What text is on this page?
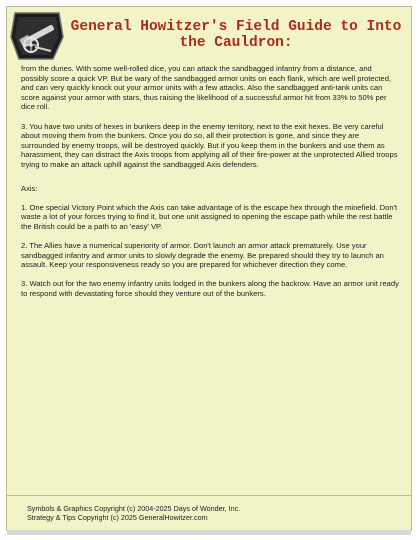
General Howitzer's Field Guide to Into
the Cauldron:

from the dunes. With some well-rolled dice, you can attack the sandbagged infantry from a distance, and possibly score a quick VP. But be wary of the sandbagged armor units on each flank, which are well protected, and can very quickly knock out your armor units with a few attacks. Also the sandbagged anti-tank units can score against your armor with stars, thus raising the likelihood of a successful armor hit from 33% to 50% per dice roll.

3. You have two units of hexes in bunkers deep in the enemy territory, next to the exit hexes. Be very careful about moving them from the bunkers. Once you do so, all their protection is gone, and since they are surrounded by enemy troops, will be destroyed quickly. But if you keep them in the bunkers and use them as harassment, they can distract the Axis troops from applying all of their fire-power at the unprotected Allied troops trying to make an attack uphill against the sandbagged Axis defenders.

Axis:

1. One special Victory Point which the Axis can take advantage of is the escape hex through the minefield. Don't waste a lot of your forces trying to find it, but one unit assigned to opening the escape path while the rest battle the British could be a path to an 'easy' VP.

2. The Allies have a numerical superiority of armor. Don't launch an armor attack prematurely. Use your sandbagged infantry and armor units to slowly degrade the enemy. Be prepared should they try to launch an assault. Keep your responsiveness ready so you are prepared for whichever direction they come.

3. Watch out for the two enemy infantry units lodged in the bunkers along the backrow. Have an armor unit ready to respond with devastating force should they venture out of the bunkers.

Symbols & Graphics Copyright (c) 2004-2025 Days of Wonder, Inc.
Strategy & Tips Copyright (c) 2025 GeneralHowitzer.com
